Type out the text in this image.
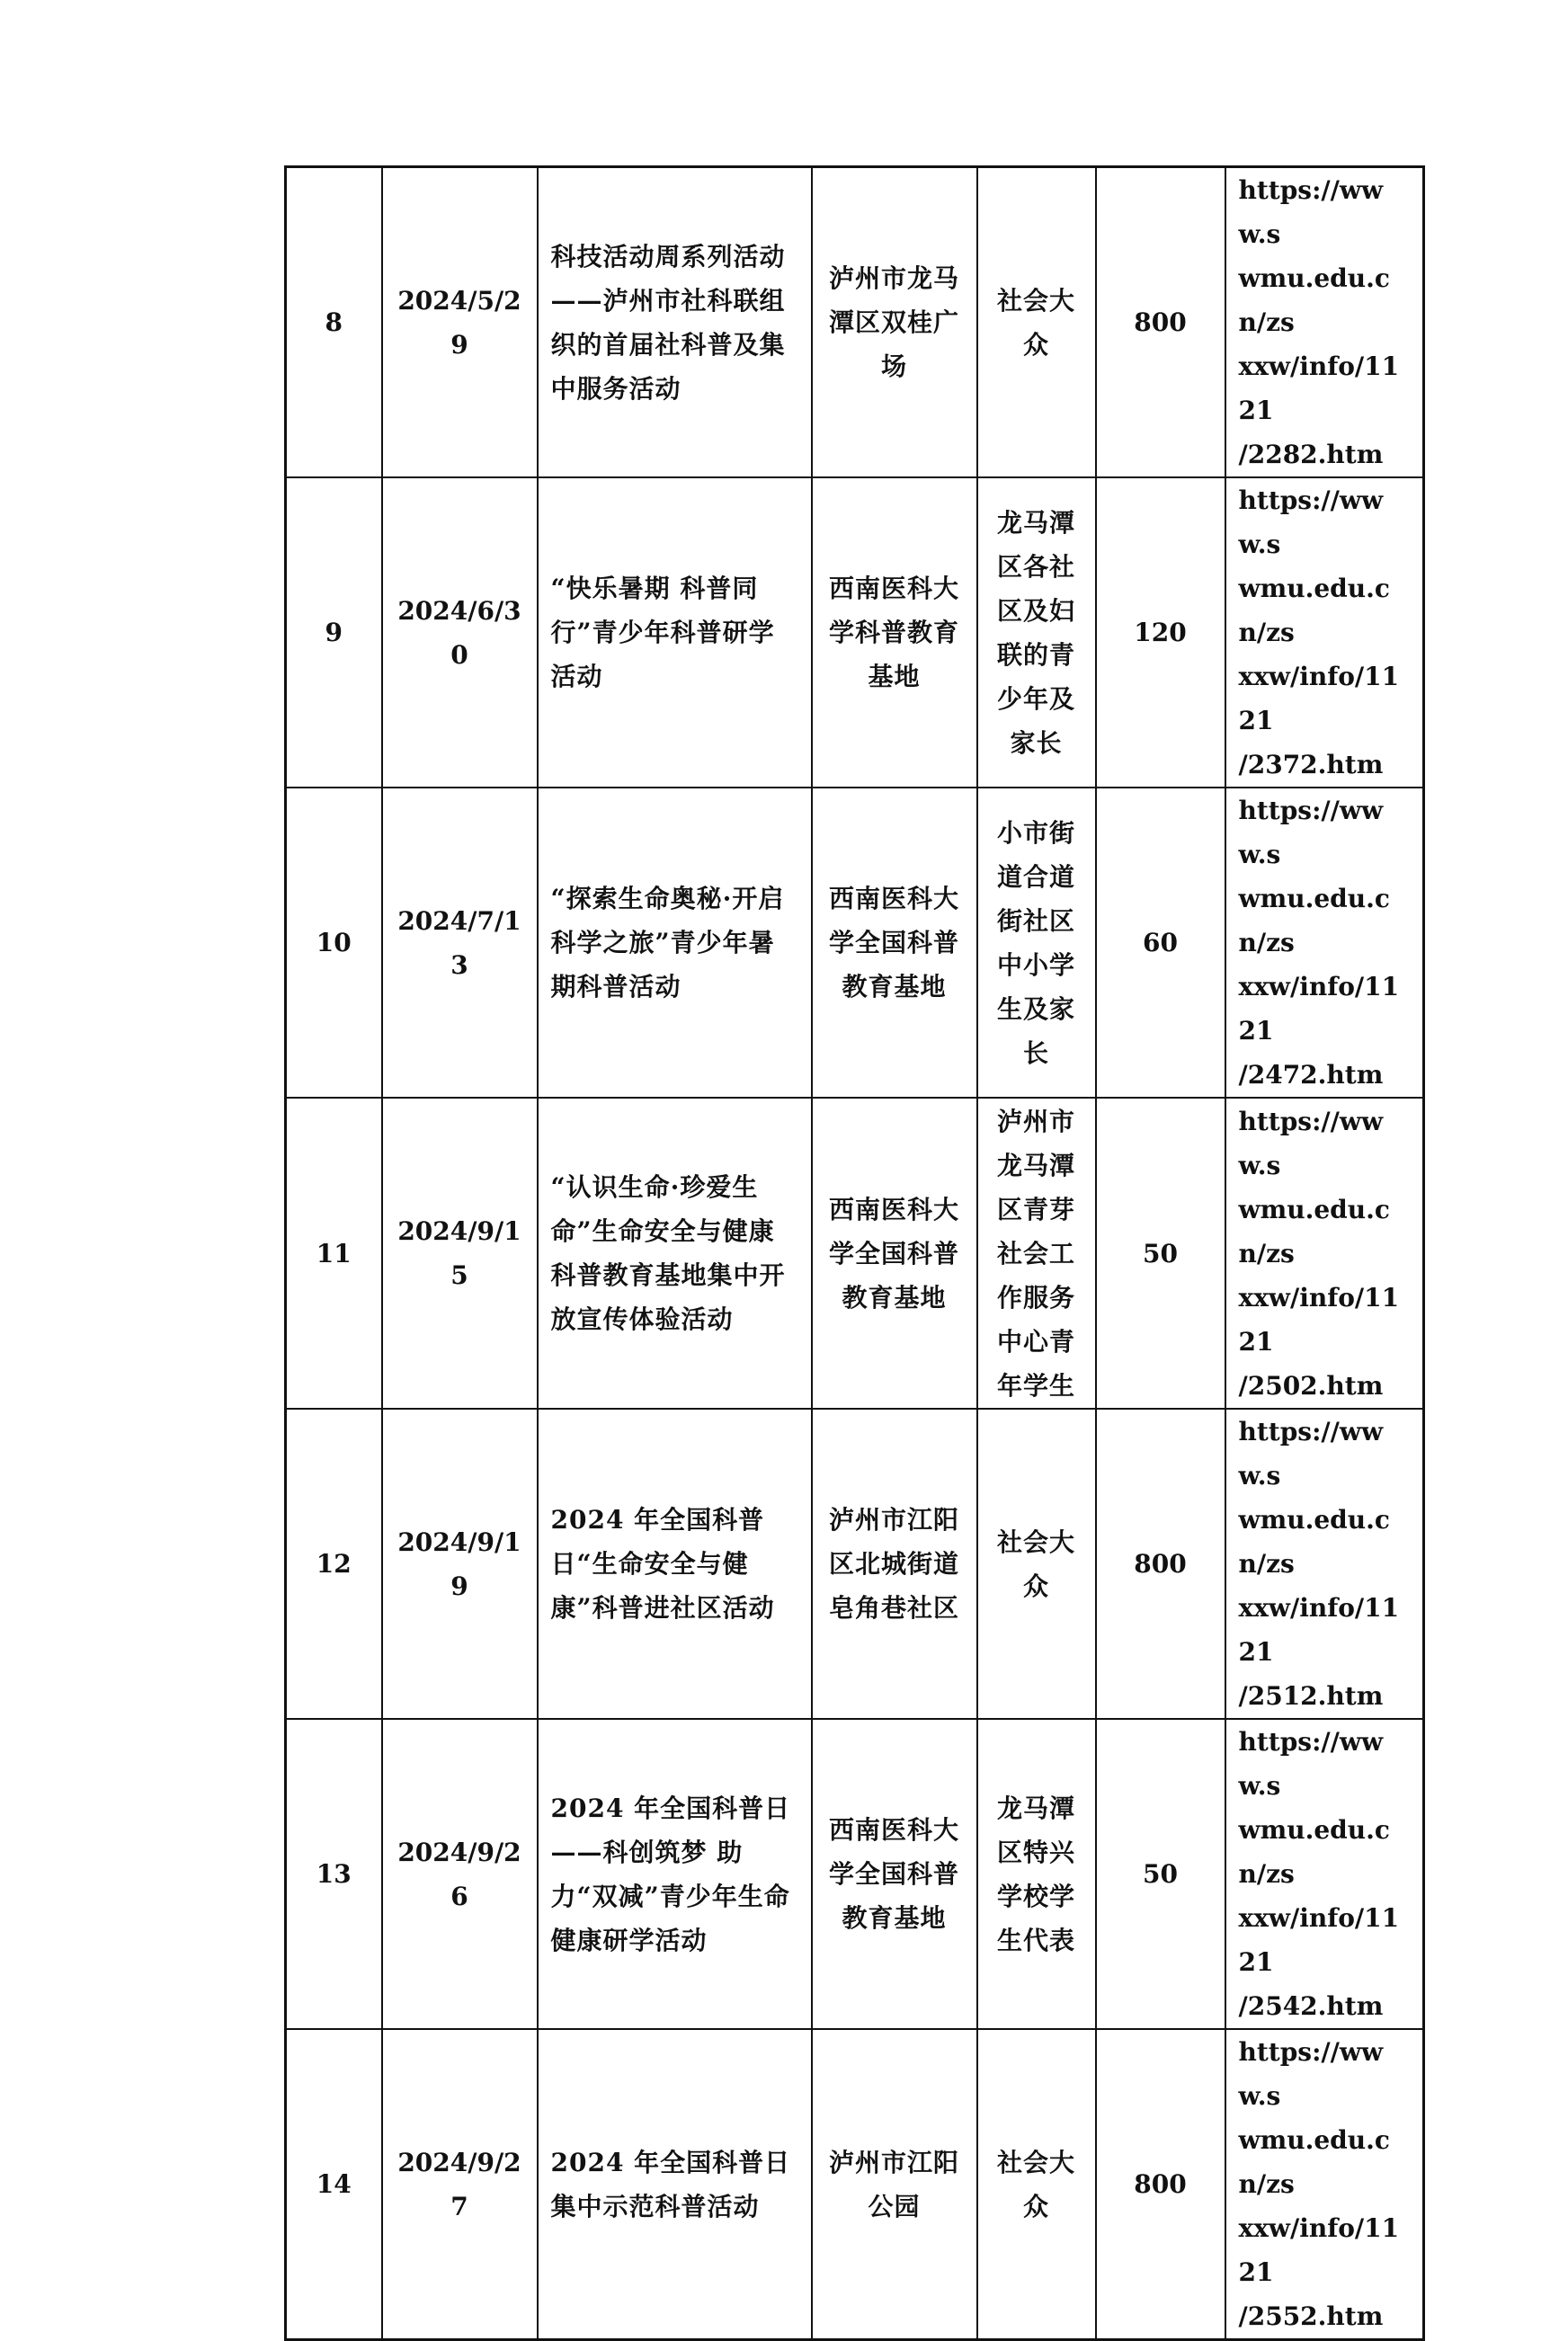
8	2024/5/29	科技活动周系列活动——泸州市社科联组织的首届社科普及集中服务活动	泸州市龙马潭区双桂广场	社会大众	800	https://www.s
wmu.edu.cn/zs
xxw/info/1121
/2282.htm

9	2024/6/30	“快乐暑期 科普同行”青少年科普研学活动	西南医科大学科普教育基地	龙马潭区各社区及妇联的青少年及家长	120	https://www.s
wmu.edu.cn/zs
xxw/info/1121
/2372.htm

10	2024/7/13	“探索生命奥秘·开启科学之旅”青少年暑期科普活动	西南医科大学全国科普教育基地	小市街道合道街社区中小学生及家长	60	https://www.s
wmu.edu.cn/zs
xxw/info/1121
/2472.htm

11	2024/9/15	“认识生命·珍爱生命”生命安全与健康科普教育基地集中开放宣传体验活动	西南医科大学全国科普教育基地	泸州市龙马潭区青芽社会工作服务中心青年学生	50	https://www.s
wmu.edu.cn/zs
xxw/info/1121
/2502.htm

12	2024/9/19	2024 年全国科普日“生命安全与健康”科普进社区活动	泸州市江阳区北城街道皂角巷社区	社会大众	800	https://www.s
wmu.edu.cn/zs
xxw/info/1121
/2512.htm

13	2024/9/26	2024 年全国科普日——科创筑梦 助力“双减”青少年生命健康研学活动	西南医科大学全国科普教育基地	龙马潭区特兴学校学生代表	50	https://www.s
wmu.edu.cn/zs
xxw/info/1121
/2542.htm

14	2024/9/27	2024 年全国科普日集中示范科普活动	泸州市江阳公园	社会大众	800	https://www.s
wmu.edu.cn/zs
xxw/info/1121
/2552.htm
